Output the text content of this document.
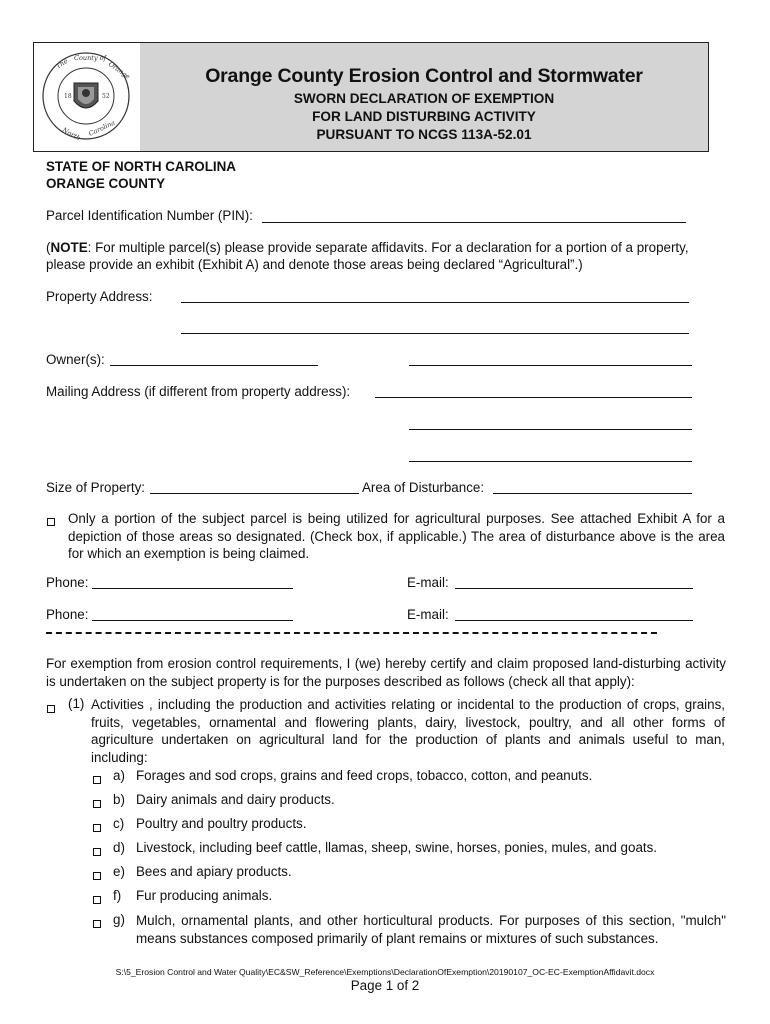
18	52
The County of
Orange
North Carolina
Orange County Erosion Control and Stormwater
SWORN DECLARATION OF EXEMPTION
FOR LAND DISTURBING ACTIVITY
PURSUANT TO NCGS 113A-52.01
STATE OF NORTH CAROLINA
ORANGE COUNTY
Parcel Identification Number (PIN):
(NOTE: For multiple parcel(s) please provide separate affidavits. For a declaration for a portion of a property,
please provide an exhibit (Exhibit A) and denote those areas being declared “Agricultural”.)
Property Address:
Owner(s):
Mailing Address (if different from property address):
Size of Property:	Area of Disturbance:
Only a portion of the subject parcel is being utilized for agricultural purposes. See attached Exhibit A for a depiction of those areas so designated. (Check box, if applicable.) The area of disturbance above is the area for which an exemption is being claimed.
Phone:	E-mail:
Phone:	E-mail:
For exemption from erosion control requirements, I (we) hereby certify and claim proposed land-disturbing activity is undertaken on the subject property is for the purposes described as follows (check all that apply):
(1) Activities , including the production and activities relating or incidental to the production of crops, grains, fruits, vegetables, ornamental and flowering plants, dairy, livestock, poultry, and all other forms of agriculture undertaken on agricultural land for the production of plants and animals useful to man, including:
a) Forages and sod crops, grains and feed crops, tobacco, cotton, and peanuts.
b) Dairy animals and dairy products.
c) Poultry and poultry products.
d) Livestock, including beef cattle, llamas, sheep, swine, horses, ponies, mules, and goats.
e) Bees and apiary products.
f) Fur producing animals.
g) Mulch, ornamental plants, and other horticultural products. For purposes of this section, "mulch" means substances composed primarily of plant remains or mixtures of such substances.
S:\5_Erosion Control and Water Quality\EC&SW_Reference\Exemptions\DeclarationOfExemption\20190107_OC-EC-ExemptionAffidavit.docx
Page 1 of 2
